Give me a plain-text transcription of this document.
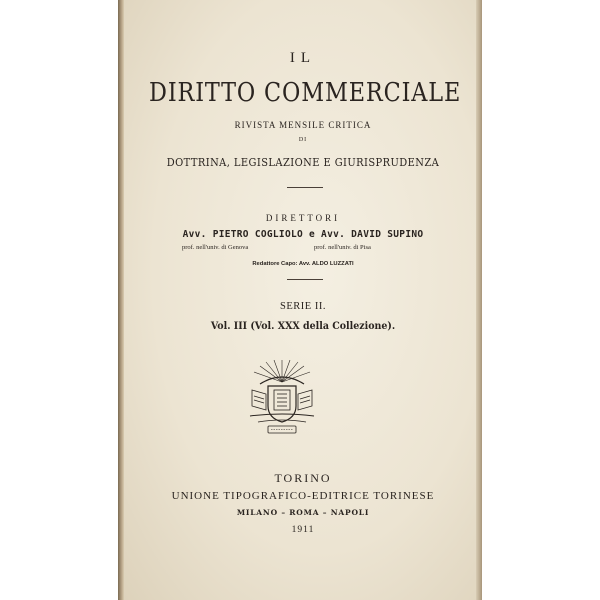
IL
DIRITTO COMMERCIALE
RIVISTA MENSILE CRITICA
DI
DOTTRINA, LEGISLAZIONE E GIURISPRUDENZA
DIRETTORI
Avv. PIETRO COGLIOLO e Avv. DAVID SUPINO
prof. nell'univ. di Genova	prof. nell'univ. di Pisa
Redattore Capo: Avv. ALDO LUZZATI
SERIE II.
Vol. III (Vol. XXX della Collezione).
TORINO
UNIONE TIPOGRAFICO-EDITRICE TORINESE
MILANO – ROMA – NAPOLI
1911
